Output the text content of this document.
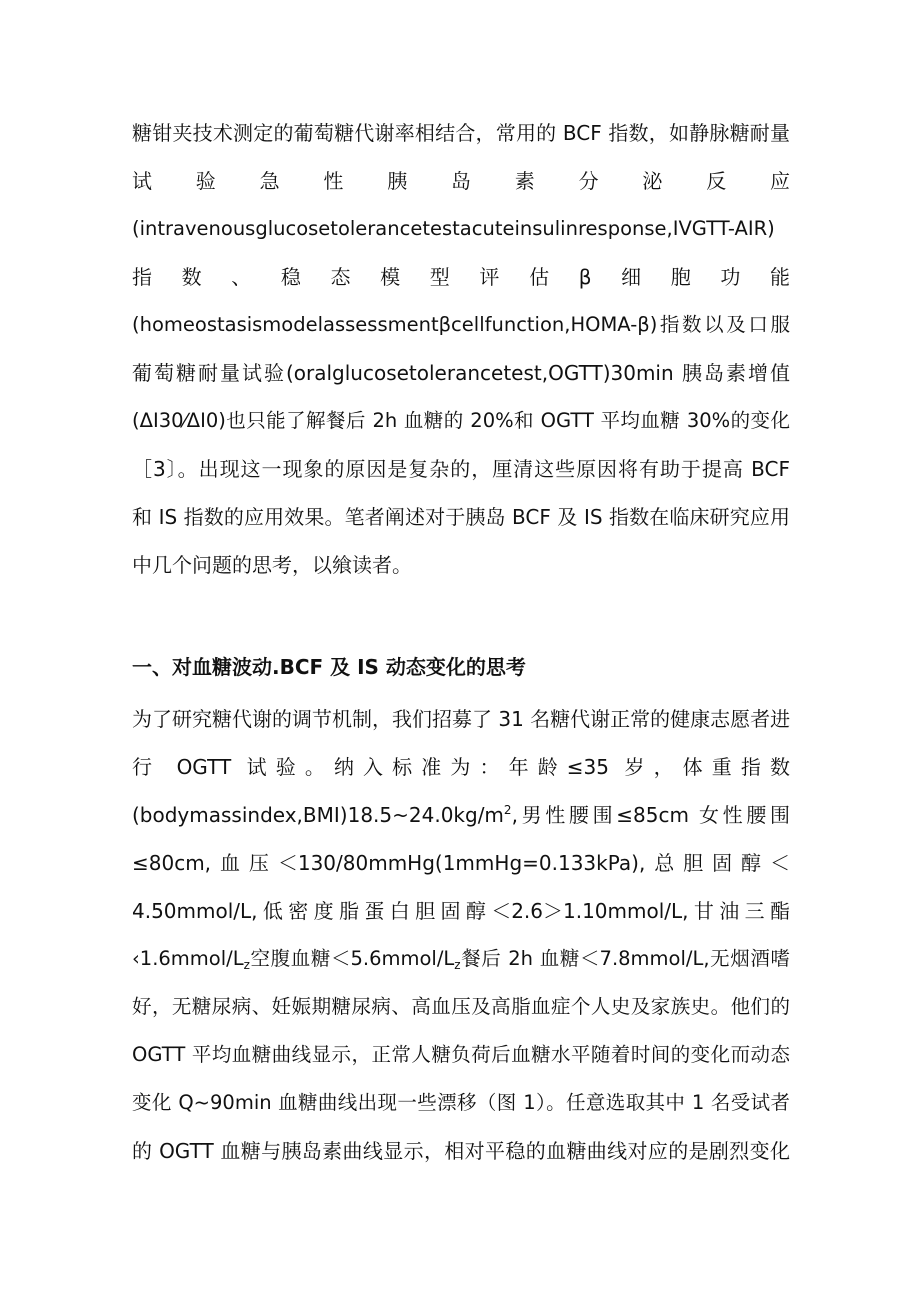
糖钳夹技术测定的葡萄糖代谢率相结合，常用的 BCF 指数，如静脉糖耐量

试验急性胰岛素分泌反应

(intravenousglucosetolerancetestacuteinsulinresponse,IVGTT-AIR)

指数、稳态模型评估β细胞功能

(homeostasismodelassessmentβcellfunction,HOMA-β)指数以及口服

葡萄糖耐量试验(oralglucosetolerancetest,OGTT)30min 胰岛素增值

(ΔI30⁄ΔI0)也只能了解餐后 2h 血糖的 20%和 OGTT 平均血糖 30%的变化

［3〕。出现这一现象的原因是复杂的，厘清这些原因将有助于提高 BCF

和 IS 指数的应用效果。笔者阐述对于胰岛 BCF 及 IS 指数在临床研究应用

中几个问题的思考，以飨读者。

一、对血糖波动.BCF 及 IS 动态变化的思考

为了研究糖代谢的调节机制，我们招募了 31 名糖代谢正常的健康志愿者进

行 OGTT 试验。纳入标准为：年龄≤35 岁，体重指数

$(bodymassindex,BMI)18.5\sim 24.0kg/m^2$,男性腰围≤85cm 女性腰围

≤80cm,血压＜130/80mmHg(1mmHg=0.133kPa),总胆固醇＜

4.50mmol/L,低密度脂蛋白胆固醇＜2.6＞1.10mmol/L,甘油三酯

$‹1.6mmol/L_z$空腹血糖$<5.6mmol/L_z$餐后 2h 血糖＜7.8mmol/L,无烟酒嗜

好，无糖尿病、妊娠期糖尿病、高血压及高脂血症个人史及家族史。他们的

OGTT 平均血糖曲线显示，正常人糖负荷后血糖水平随着时间的变化而动态

变化 Q~90min 血糖曲线出现一些漂移（图 1）。任意选取其中 1 名受试者

的 OGTT 血糖与胰岛素曲线显示，相对平稳的血糖曲线对应的是剧烈变化
